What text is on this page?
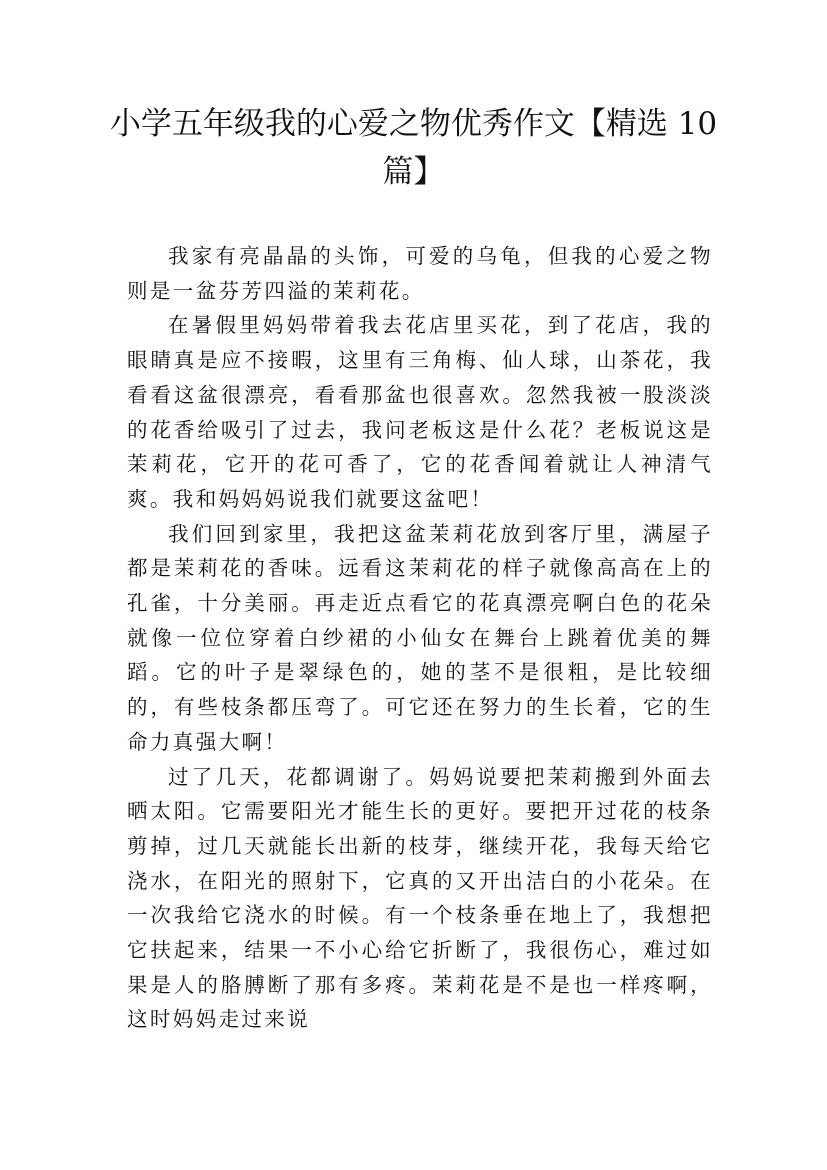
小学五年级我的心爱之物优秀作文【精选 10 篇】

我家有亮晶晶的头饰，可爱的乌龟，但我的心爱之物则是一盆芬芳四溢的茉莉花。

在暑假里妈妈带着我去花店里买花，到了花店，我的眼睛真是应不接暇，这里有三角梅、仙人球，山茶花，我看看这盆很漂亮，看看那盆也很喜欢。忽然我被一股淡淡的花香给吸引了过去，我问老板这是什么花？老板说这是茉莉花，它开的花可香了，它的花香闻着就让人神清气爽。我和妈妈妈说我们就要这盆吧！

我们回到家里，我把这盆茉莉花放到客厅里，满屋子都是茉莉花的香味。远看这茉莉花的样子就像高高在上的孔雀，十分美丽。再走近点看它的花真漂亮啊白色的花朵就像一位位穿着白纱裙的小仙女在舞台上跳着优美的舞蹈。它的叶子是翠绿色的，她的茎不是很粗，是比较细的，有些枝条都压弯了。可它还在努力的生长着，它的生命力真强大啊！

过了几天，花都调谢了。妈妈说要把茉莉搬到外面去晒太阳。它需要阳光才能生长的更好。要把开过花的枝条剪掉，过几天就能长出新的枝芽，继续开花，我每天给它浇水，在阳光的照射下，它真的又开出洁白的小花朵。在一次我给它浇水的时候。有一个枝条垂在地上了，我想把它扶起来，结果一不小心给它折断了，我很伤心，难过如果是人的胳膊断了那有多疼。茉莉花是不是也一样疼啊，这时妈妈走过来说
